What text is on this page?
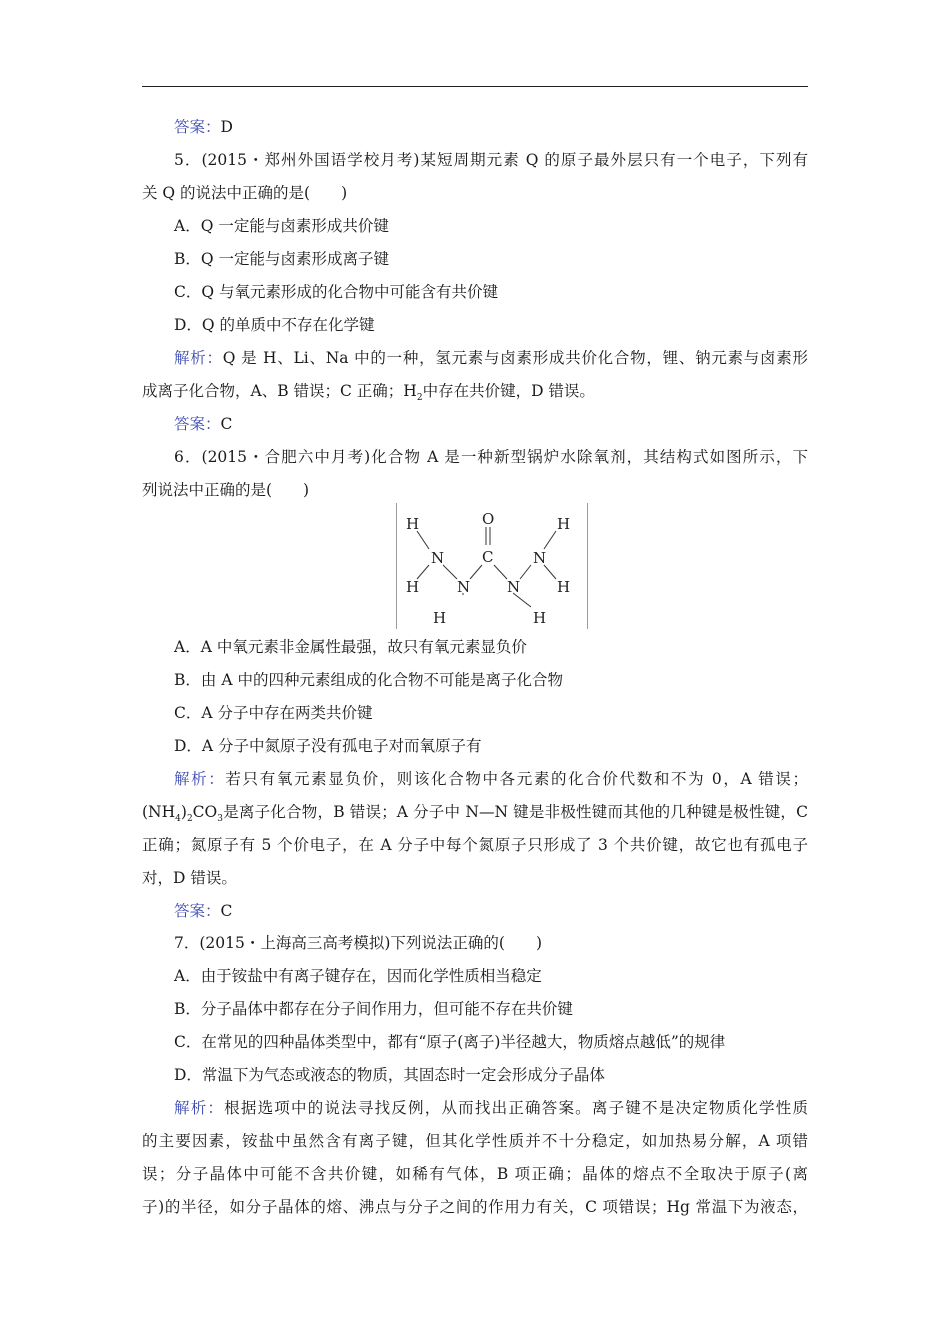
答案：D
5．(2015・郑州外国语学校月考)某短周期元素 Q 的原子最外层只有一个电子，下列有
关 Q 的说法中正确的是(　　)
A．Q 一定能与卤素形成共价键
B．Q 一定能与卤素形成离子键
C．Q 与氧元素形成的化合物中可能含有共价键
D．Q 的单质中不存在化学键
解析：Q 是 H、Li、Na 中的一种，氢元素与卤素形成共价化合物，锂、钠元素与卤素形
成离子化合物，A、B 错误；C 正确；$H_2$中存在共价键，D 错误。
答案：C
6．(2015・合肥六中月考)化合物 A 是一种新型锅炉水除氧剂，其结构式如图所示，下
列说法中正确的是(　　)
H
N
H	N
H
O
C
N
N
H
H
H
A．A 中氧元素非金属性最强，故只有氧元素显负价
B．由 A 中的四种元素组成的化合物不可能是离子化合物
C．A 分子中存在两类共价键
D．A 分子中氮原子没有孤电子对而氧原子有
解析：若只有氧元素显负价，则该化合物中各元素的化合价代数和不为 0，A 错误；
$(NH_4)_2CO_3$是离子化合物，B 错误；A 分子中 N—N 键是非极性键而其他的几种键是极性键，C
正确；氮原子有 5 个价电子，在 A 分子中每个氮原子只形成了 3 个共价键，故它也有孤电子
对，D 错误。
答案：C
7．(2015・上海高三高考模拟)下列说法正确的(　　)
A．由于铵盐中有离子键存在，因而化学性质相当稳定
B．分子晶体中都存在分子间作用力，但可能不存在共价键
C．在常见的四种晶体类型中，都有“原子(离子)半径越大，物质熔点越低”的规律
D．常温下为气态或液态的物质，其固态时一定会形成分子晶体
解析：根据选项中的说法寻找反例，从而找出正确答案。离子键不是决定物质化学性质
的主要因素，铵盐中虽然含有离子键，但其化学性质并不十分稳定，如加热易分解，A 项错
误；分子晶体中可能不含共价键，如稀有气体，B 项正确；晶体的熔点不全取决于原子(离
子)的半径，如分子晶体的熔、沸点与分子之间的作用力有关，C 项错误；Hg 常温下为液态，
